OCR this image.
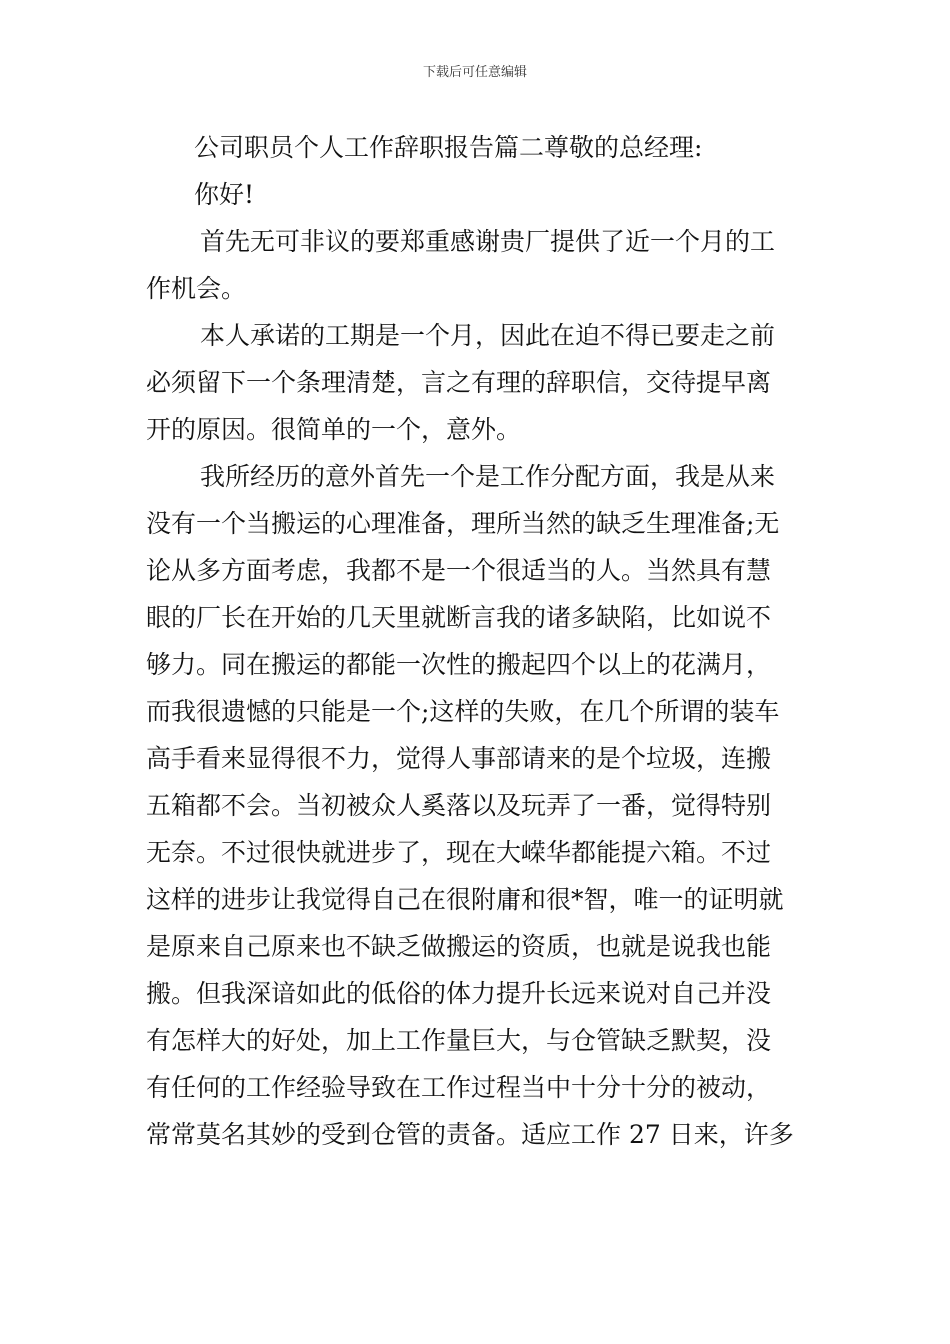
下载后可任意编辑
公司职员个人工作辞职报告篇二尊敬的总经理:
你好!
首先无可非议的要郑重感谢贵厂提供了近一个月的工
作机会。
本人承诺的工期是一个月，因此在迫不得已要走之前
必须留下一个条理清楚，言之有理的辞职信，交待提早离
开的原因。很简单的一个，意外。
我所经历的意外首先一个是工作分配方面，我是从来
没有一个当搬运的心理准备，理所当然的缺乏生理准备;无
论从多方面考虑，我都不是一个很适当的人。当然具有慧
眼的厂长在开始的几天里就断言我的诸多缺陷，比如说不
够力。同在搬运的都能一次性的搬起四个以上的花满月，
而我很遗憾的只能是一个;这样的失败，在几个所谓的装车
高手看来显得很不力，觉得人事部请来的是个垃圾，连搬
五箱都不会。当初被众人奚落以及玩弄了一番，觉得特别
无奈。不过很快就进步了，现在大嵘华都能提六箱。不过
这样的进步让我觉得自己在很附庸和很*智，唯一的证明就
是原来自己原来也不缺乏做搬运的资质，也就是说我也能
搬。但我深谙如此的低俗的体力提升长远来说对自己并没
有怎样大的好处，加上工作量巨大，与仓管缺乏默契，没
有任何的工作经验导致在工作过程当中十分十分的被动，
常常莫名其妙的受到仓管的责备。适应工作 27 日来，许多
